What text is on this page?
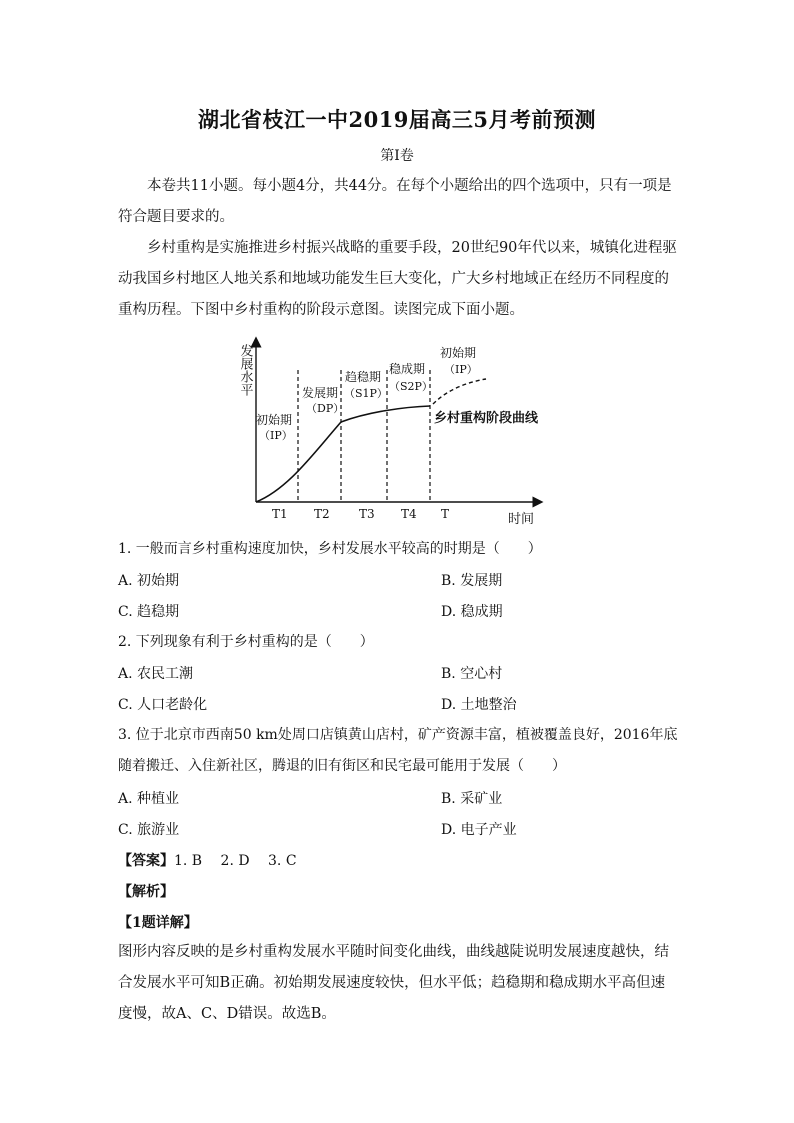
湖北省枝江一中2019届高三5月考前预测
第Ⅰ卷

本卷共11小题。每小题4分，共44分。在每个小题给出的四个选项中，只有一项是符合题目要求的。

乡村重构是实施推进乡村振兴战略的重要手段，20世纪90年代以来，城镇化进程驱动我国乡村地区人地关系和地域功能发生巨大变化，广大乡村地域正在经历不同程度的重构历程。下图中乡村重构的阶段示意图。读图完成下面小题。

发展水平
时间
初始期
（IP）
发展期
（DP）
趋稳期
（S1P）
稳成期
（S2P）
初始期
（IP）
乡村重构阶段曲线
T1 T2 T3 T4 T

1. 一般而言乡村重构速度加快，乡村发展水平较高的时期是（　　）

A. 初始期	B. 发展期
C. 趋稳期	D. 稳成期

2. 下列现象有利于乡村重构的是（　　）

A. 农民工潮	B. 空心村
C. 人口老龄化	D. 土地整治

3. 位于北京市西南50 km处周口店镇黄山店村，矿产资源丰富，植被覆盖良好，2016年底随着搬迁、入住新社区，腾退的旧有街区和民宅最可能用于发展（　　）

A. 种植业	B. 采矿业
C. 旅游业	D. 电子产业
【答案】1. B　 2. D　 3. C
【解析】
【1题详解】

图形内容反映的是乡村重构发展水平随时间变化曲线，曲线越陡说明发展速度越快，结合发展水平可知B正确。初始期发展速度较快，但水平低；趋稳期和稳成期水平高但速度慢，故A、C、D错误。故选B。
